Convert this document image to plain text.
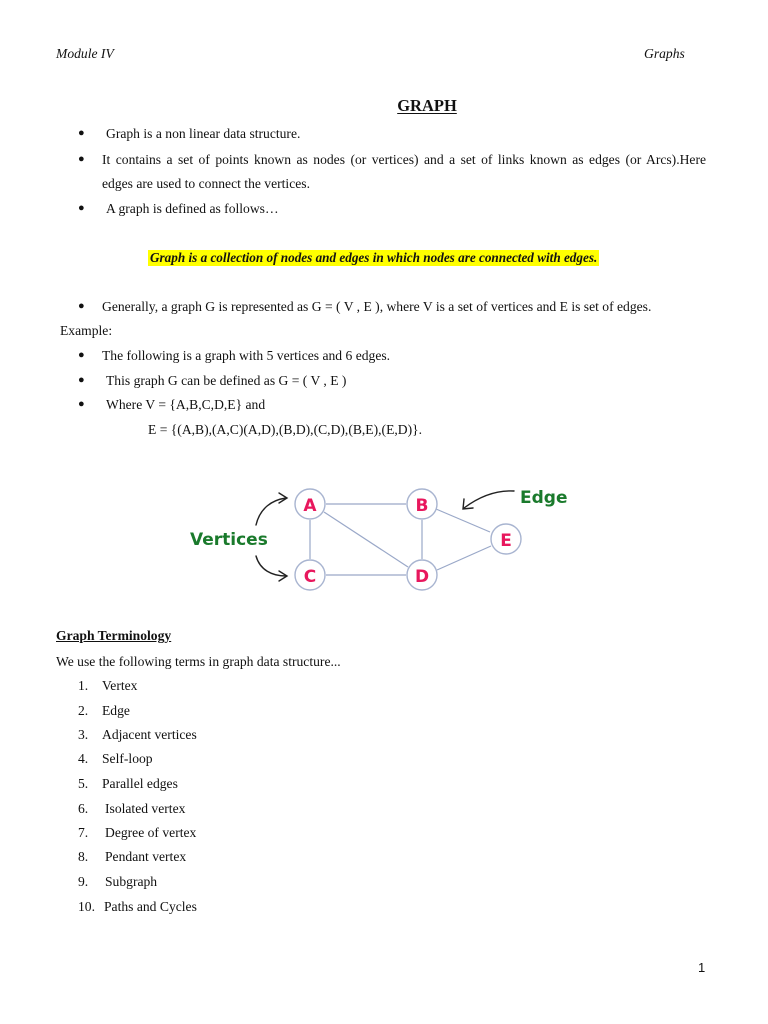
Module IV	Graphs
GRAPH
● Graph is a non linear data structure.
● It contains a set of points known as nodes (or vertices) and a set of links known as edges (or Arcs).Here
edges are used to connect the vertices.
● A graph is defined as follows…
Graph is a collection of nodes and edges in which nodes are connected with edges.
● Generally, a graph G is represented as G = ( V , E ), where V is a set of vertices and E is set of edges.
Example:
● The following is a graph with 5 vertices and 6 edges.
● This graph G can be defined as G = ( V , E )
● Where V = {A,B,C,D,E} and
E = {(A,B),(A,C)(A,D),(B,D),(C,D),(B,E),(E,D)}.
A	B
C	D
E
Vertices
Edge
Graph Terminology
We use the following terms in graph data structure...
1. Vertex
2. Edge
3. Adjacent vertices
4. Self-loop
5. Parallel edges
6. Isolated vertex
7. Degree of vertex
8. Pendant vertex
9. Subgraph
10. Paths and Cycles
1
